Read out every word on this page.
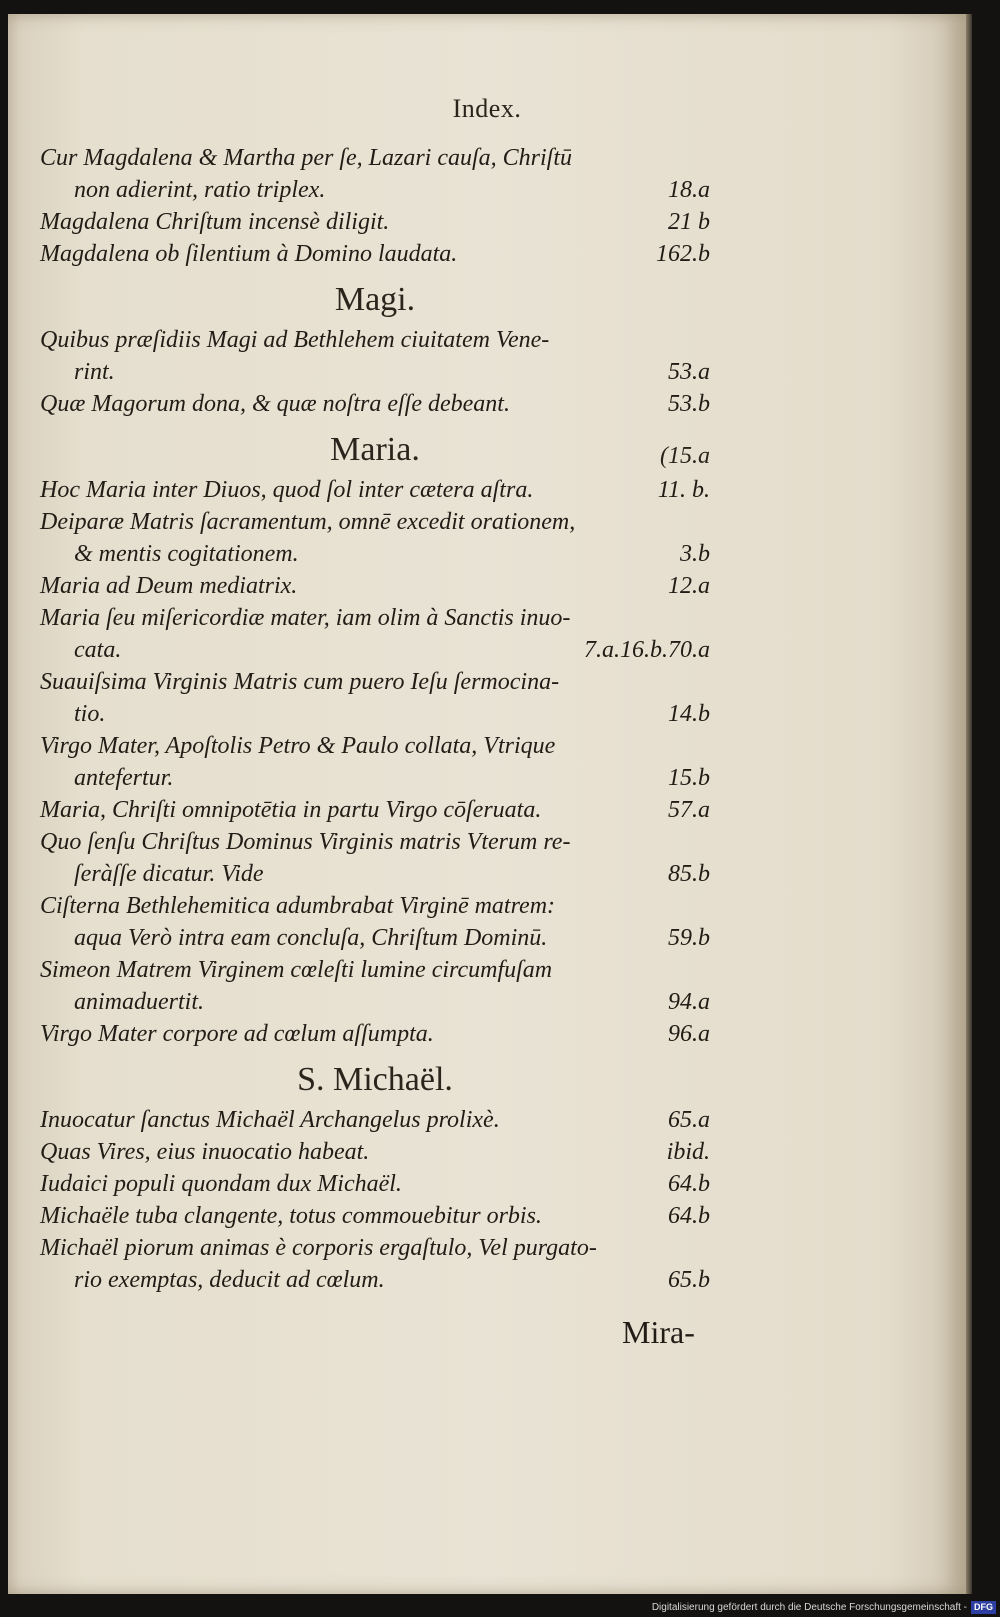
Index.
Cur Magdalena & Martha per ſe, Lazari cauſa, Chriſtū
non adierint, ratio triplex.	18.a
Magdalena Chriſtum incensè diligit.	21 b
Magdalena ob ſilentium à Domino laudata.	162.b
Magi.
Quibus præſidiis Magi ad Bethlehem ciuitatem Vene-
rint.	53.a
Quæ Magorum dona, & quæ noſtra eſſe debeant.	53.b
Maria.	(15.a
Hoc Maria inter Diuos, quod ſol inter cætera aſtra.	11. b.
Deiparæ Matris ſacramentum, omnē excedit orationem,
& mentis cogitationem.	3.b
Maria ad Deum mediatrix.	12.a
Maria ſeu miſericordiæ mater, iam olim à Sanctis inuo-
cata.	7.a.16.b.70.a
Suauiſsima Virginis Matris cum puero Ieſu ſermocina-
tio.	14.b
Virgo Mater, Apoſtolis Petro & Paulo collata, Vtrique
antefertur.	15.b
Maria, Chriſti omnipotētia in partu Virgo cōſeruata.	57.a
Quo ſenſu Chriſtus Dominus Virginis matris Vterum re-
ſeràſſe dicatur. Vide	85.b
Ciſterna Bethlehemitica adumbrabat Virginē matrem:
aqua Verò intra eam concluſa, Chriſtum Dominū.	59.b
Simeon Matrem Virginem cœleſti lumine circumfuſam
animaduertit.	94.a
Virgo Mater corpore ad cœlum aſſumpta.	96.a
S. Michaël.
Inuocatur ſanctus Michaël Archangelus prolixè.	65.a
Quas Vires, eius inuocatio habeat.	ibid.
Iudaici populi quondam dux Michaël.	64.b
Michaële tuba clangente, totus commouebitur orbis.	64.b
Michaël piorum animas è corporis ergaſtulo, Vel purgato-
rio exemptas, deducit ad cœlum.	65.b
Mira-
Digitalisierung gefördert durch die Deutsche Forschungsgemeinschaft - DFG
